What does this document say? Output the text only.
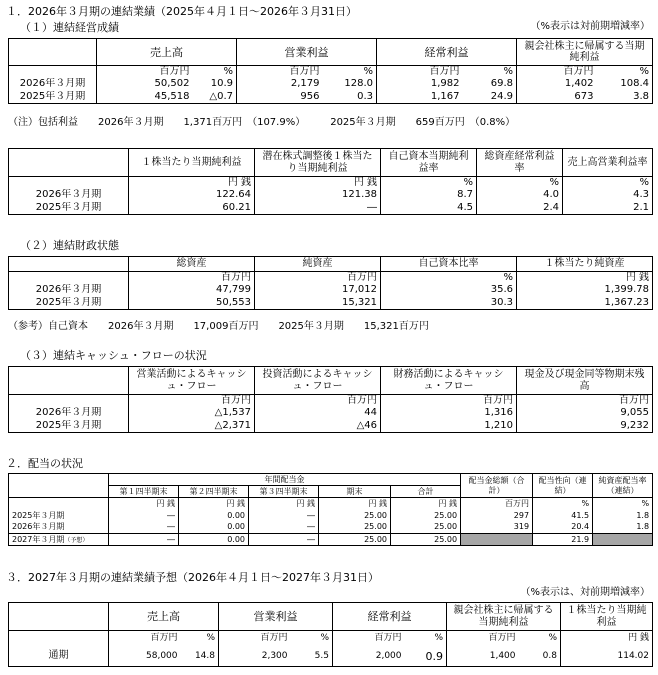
１．2026年３月期の連結業績（2025年４月１日～2026年３月31日）
（１）連結経営成績	（%表示は対前期増減率）
	売上高		営業利益		経常利益		親会社株主に帰属する当期純利益	
	百万円	%	百万円	%	百万円	%	百万円	%
2026年３月期	50,502	10.9	2,179	128.0	1,982	69.8	1,402	108.4
2025年３月期	45,518	△0.7	956	0.3	1,167	24.9	673	3.8
（注）包括利益　　2026年３月期　　1,371百万円　（107.9%）　　　2025年３月期　　659百万円　（0.8%）
	１株当たり当期純利益	潜在株式調整後１株当たり当期純利益	自己資本当期純利益率	総資産経常利益率	売上高営業利益率
	円 銭	円 銭	%	%	%
2026年３月期	122.64	121.38	8.7	4.0	4.3
2025年３月期	60.21	―	4.5	2.4	2.1
（２）連結財政状態
	総資産	純資産	自己資本比率	１株当たり純資産
	百万円	百万円	%	円 銭
2026年３月期	47,799	17,012	35.6	1,399.78
2025年３月期	50,553	15,321	30.3	1,367.23
（参考）自己資本　　2026年３月期　　17,009百万円　　2025年３月期　　15,321百万円
（３）連結キャッシュ・フローの状況
	営業活動によるキャッシュ・フロー	投資活動によるキャッシュ・フロー	財務活動によるキャッシュ・フロー	現金及び現金同等物期末残高
	百万円	百万円	百万円	百万円
2026年３月期	△1,537	44	1,316	9,055
2025年３月期	△2,371	△46	1,210	9,232
２．配当の状況
	年間配当金					配当金総額（合計）	配当性向（連結）	純資産配当率（連結）
	第１四半期末	第２四半期末	第３四半期末	期末	合計			
	円 銭	円 銭	円 銭	円 銭	円 銭	百万円	%	%
2025年３月期	―	0.00	―	25.00	25.00	297	41.5	1.8
2026年３月期	―	0.00	―	25.00	25.00	319	20.4	1.8
2027年３月期（予想）	―	0.00	―	25.00	25.00		21.9	
３．2027年３月期の連結業績予想（2026年４月１日～2027年３月31日）
（%表示は、対前期増減率）
	売上高		営業利益		経常利益		親会社株主に帰属する当期純利益		１株当たり当期純利益
	百万円	%	百万円	%	百万円	%	百万円	%	円 銭
通期	58,000	14.8	2,300	5.5	2,000	0.9	1,400	0.8	114.02
